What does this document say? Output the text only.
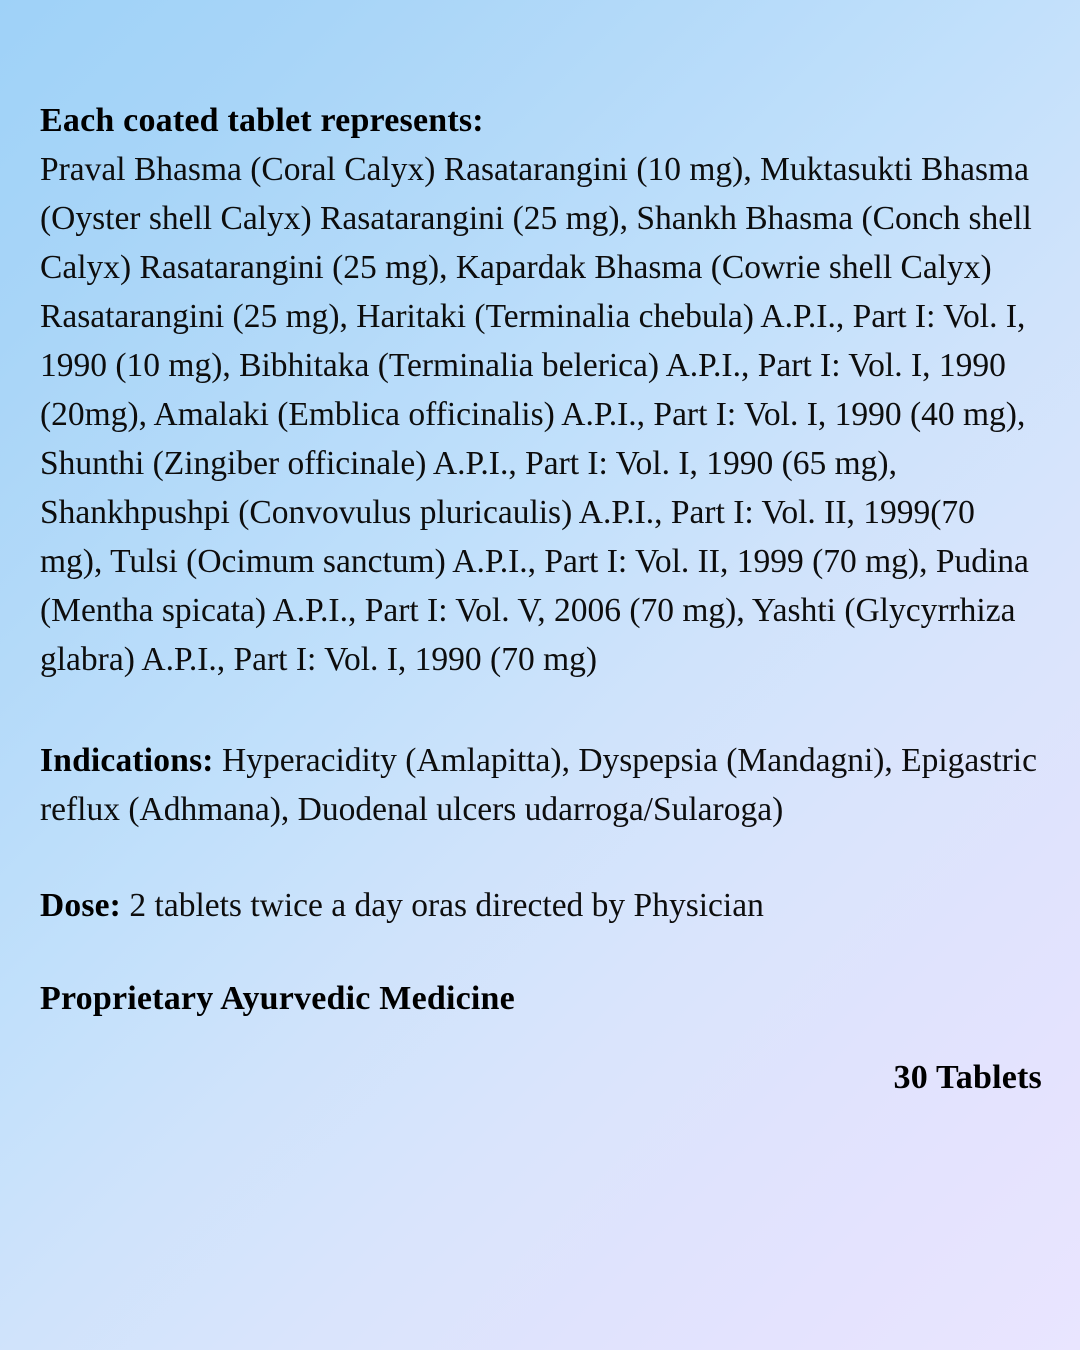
Each coated tablet represents:
Praval Bhasma (Coral Calyx) Rasatarangini (10 mg), Muktasukti Bhasma (Oyster shell Calyx) Rasatarangini (25 mg), Shankh Bhasma (Conch shell Calyx) Rasatarangini (25 mg), Kapardak Bhasma (Cowrie shell Calyx) Rasatarangini (25 mg), Haritaki (Terminalia chebula) A.P.I., Part I: Vol. I, 1990 (10 mg), Bibhitaka (Terminalia belerica) A.P.I., Part I: Vol. I, 1990 (20mg), Amalaki (Emblica officinalis) A.P.I., Part I: Vol. I, 1990 (40 mg), Shunthi (Zingiber officinale) A.P.I., Part I: Vol. I, 1990 (65 mg), Shankhpushpi (Convovulus pluricaulis) A.P.I., Part I: Vol. II, 1999(70 mg), Tulsi (Ocimum sanctum) A.P.I., Part I: Vol. II, 1999 (70 mg), Pudina (Mentha spicata) A.P.I., Part I: Vol. V, 2006 (70 mg), Yashti (Glycyrrhiza glabra) A.P.I., Part I: Vol. I, 1990 (70 mg)
Indications: Hyperacidity (Amlapitta), Dyspepsia (Mandagni), Epigastric reflux (Adhmana), Duodenal ulcers udarroga/Sularoga)
Dose: 2 tablets twice a day oras directed by Physician
Proprietary Ayurvedic Medicine
30 Tablets
